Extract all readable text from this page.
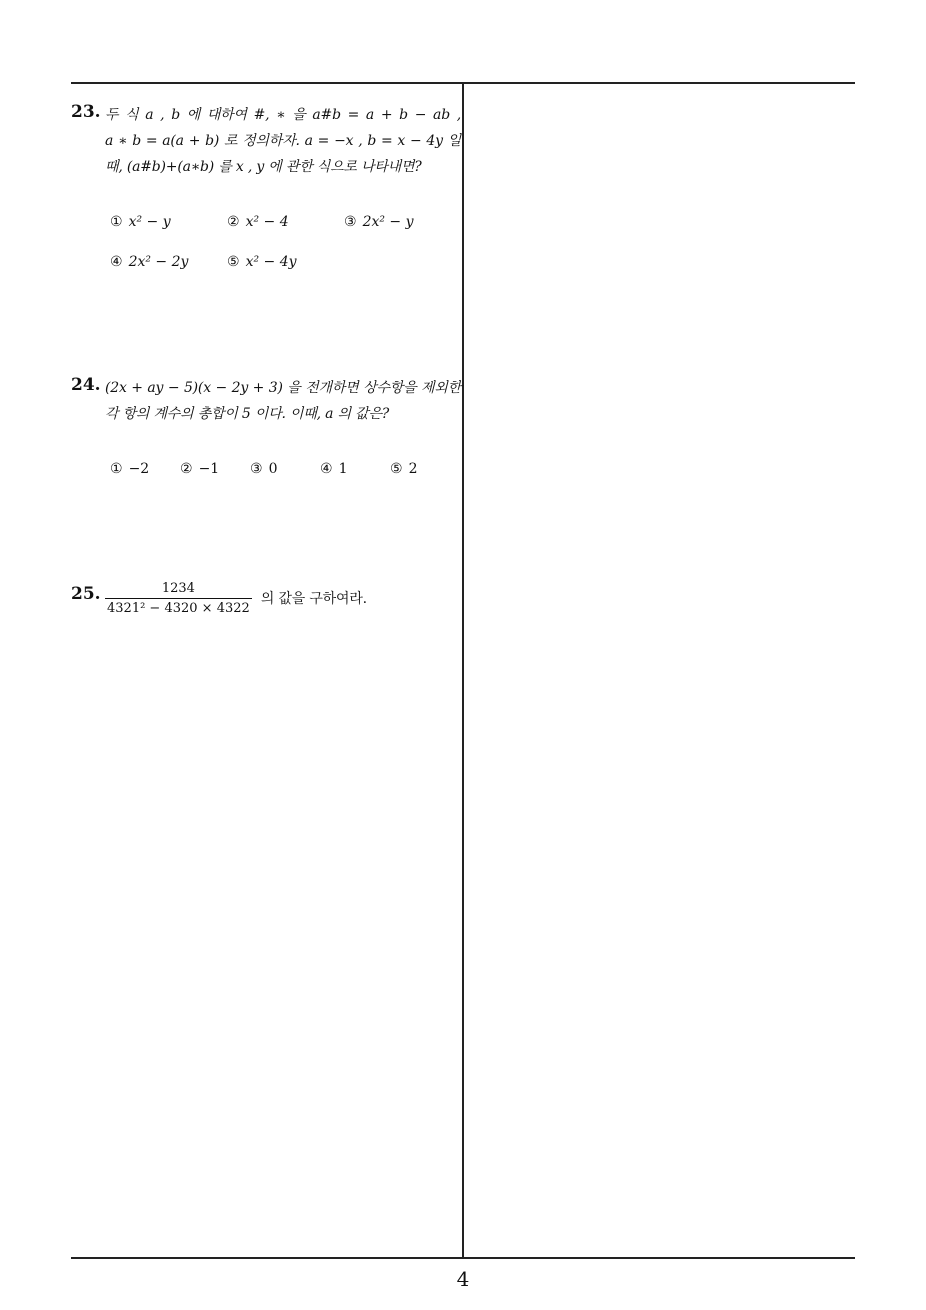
23. 두 식 a , b 에 대하여 #, ∗ 을 a#b = a + b − ab ,
a ∗ b = a(a + b) 로 정의하자. a = −x , b = x − 4y 일
때, (a#b)+(a∗b) 를 x , y 에 관한 식으로 나타내면?
① x² − y	② x² − 4	③ 2x² − y
④ 2x² − 2y	⑤ x² − 4y
24. (2x + ay − 5)(x − 2y + 3) 을 전개하면 상수항을 제외한
각 항의 계수의 총합이 5 이다. 이때, a 의 값은?
① −2	② −1	③ 0	④ 1	⑤ 2
25. $\frac{1234}{\text{4321² − 4320 × 4322}}$ 의 값을 구하여라.
4
